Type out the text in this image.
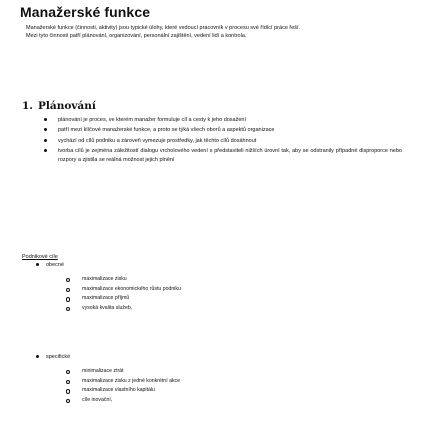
Manažerské funkce

Manažerské funkce (činnosti, aktivity) jsou typické úlohy, které vedoucí pracovník v procesu své řídící práce řeší.

Mezi tyto činnosti patří plánování, organizování, personální zajištění, vedení lidí a kontrola.

1. Plánování
plánování je proces, ve kterém manažer formuluje cíl a cesty k jeho dosažení
patří mezi klíčové manažerské funkce, a proto se týká všech oborů a aspektů organizace
vychází od cílů podniku a zároveň vymezuje prostředky, jak těchto cílů dosáhnout
tvorba cílů je zejména záležitostí dialogu vrcholového vedení s představiteli nižších úrovní tak, aby se odstranily případné disproporce nebo rozpory a zjistila se reálná možnost jejich plnění
Podnikové cíle
obecné
maximalizace zisku
maximalizace ekonomického růstu podniku
maximalizace příjmů
vysoká kvalita služeb,
specifické
minimalizace ztrát
maximalizace zisku z jedné konkrétní akce
maximalizace vlastního kapitálu
cíle inovační,
